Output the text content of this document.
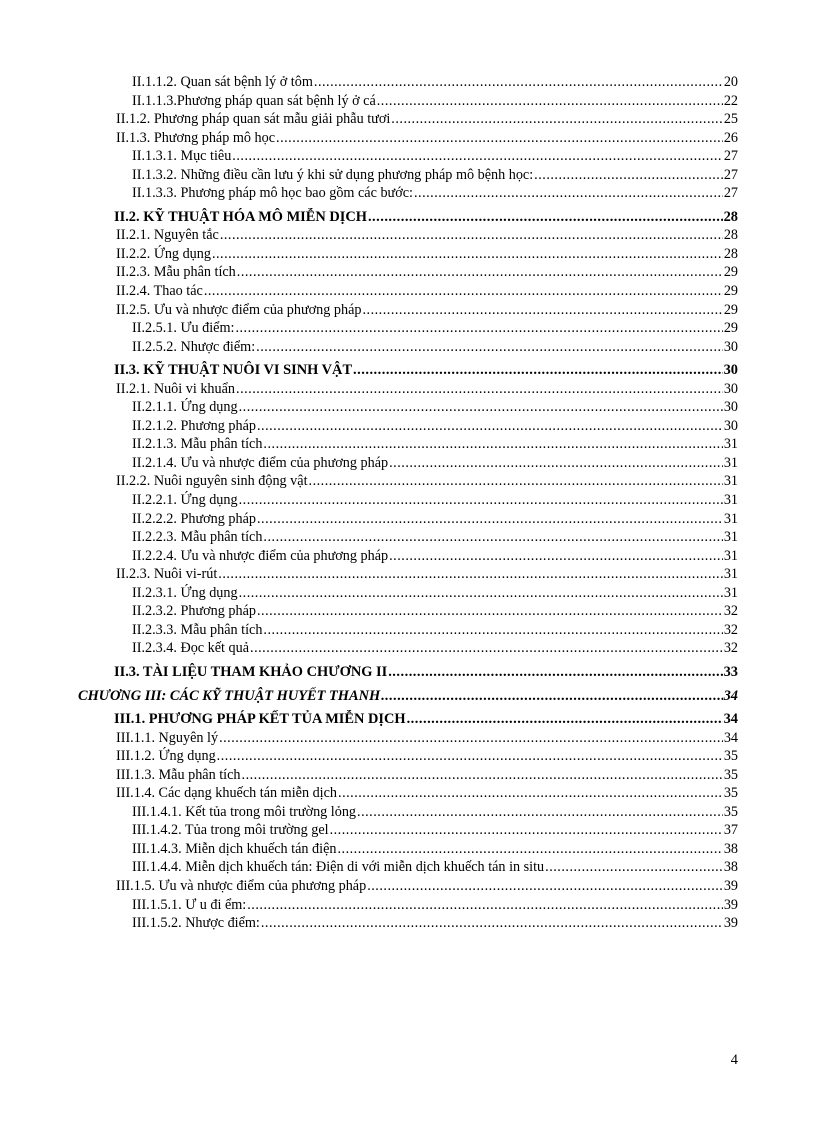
II.1.1.2. Quan sát bệnh lý ở tôm .....	20
II.1.1.3.Phương pháp quan sát bệnh lý ở cá .....	22
II.1.2. Phương pháp quan sát mẫu giải phẫu tươi .....	25
II.1.3. Phương pháp mô học .....	26
II.1.3.1. Mục tiêu .....	27
II.1.3.2. Những điều cần lưu ý khi sử dụng phương pháp mô bệnh học: .....	27
II.1.3.3. Phương pháp mô học bao gồm các bước: .....	27
II.2. KỸ THUẬT HÓA MÔ MIỄN DỊCH .....	28
II.2.1. Nguyên tắc .....	28
II.2.2. Ứng dụng .....	28
II.2.3. Mẫu phân tích .....	29
II.2.4. Thao tác .....	29
II.2.5. Ưu và nhược điểm của phương pháp .....	29
II.2.5.1. Ưu điểm: .....	29
II.2.5.2. Nhược điểm: .....	30
II.3. KỸ THUẬT NUÔI VI SINH VẬT .....	30
II.2.1. Nuôi vi khuẩn .....	30
II.2.1.1. Ứng dụng .....	30
II.2.1.2. Phương pháp .....	30
II.2.1.3. Mẫu phân tích .....	31
II.2.1.4. Ưu và nhược điểm của phương pháp .....	31
II.2.2. Nuôi nguyên sinh động vật .....	31
II.2.2.1. Ứng dụng .....	31
II.2.2.2. Phương pháp .....	31
II.2.2.3. Mẫu phân tích .....	31
II.2.2.4. Ưu và nhược điểm của phương pháp .....	31
II.2.3. Nuôi vi-rút .....	31
II.2.3.1. Ứng dụng .....	31
II.2.3.2. Phương pháp .....	32
II.2.3.3. Mẫu phân tích .....	32
II.2.3.4. Đọc kết quả .....	32
II.3. TÀI LIỆU THAM KHẢO CHƯƠNG II .....	33
CHƯƠNG III: CÁC KỸ THUẬT HUYẾT THANH .....	34
III.1. PHƯƠNG PHÁP KẾT TỦA MIỄN DỊCH .....	34
III.1.1. Nguyên lý .....	34
III.1.2. Ứng dụng .....	35
III.1.3. Mẫu phân tích .....	35
III.1.4. Các dạng khuếch tán miễn dịch .....	35
III.1.4.1. Kết tủa trong môi trường lỏng .....	35
III.1.4.2. Tủa trong môi trường gel .....	37
III.1.4.3. Miễn dịch khuếch tán điện .....	38
III.1.4.4. Miễn dịch khuếch tán: Điện di với miễn dịch khuếch tán in situ .....	38
III.1.5. Ưu và nhược điểm của phương pháp .....	39
III.1.5.1. Ư u đi ểm: .....	39
III.1.5.2. Nhược điểm: .....	39
4
